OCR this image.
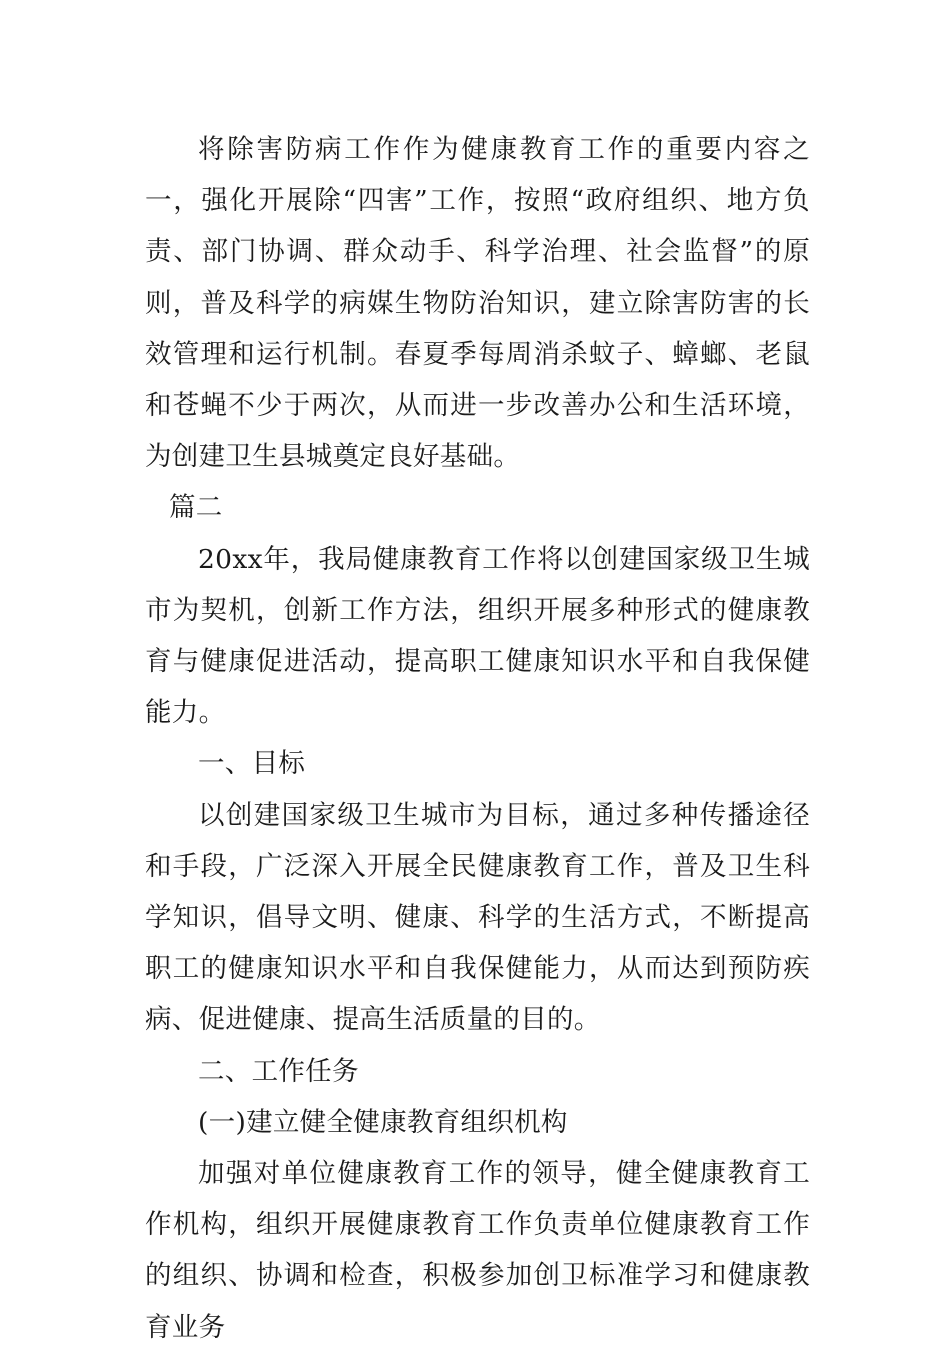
将除害防病工作作为健康教育工作的重要内容之一，强化开展除“四害”工作，按照“政府组织、地方负责、部门协调、群众动手、科学治理、社会监督”的原则，普及科学的病媒生物防治知识，建立除害防害的长效管理和运行机制。春夏季每周消杀蚊子、蟑螂、老鼠和苍蝇不少于两次，从而进一步改善办公和生活环境，为创建卫生县城奠定良好基础。

篇二

20xx年，我局健康教育工作将以创建国家级卫生城市为契机，创新工作方法，组织开展多种形式的健康教育与健康促进活动，提高职工健康知识水平和自我保健能力。

一、目标

以创建国家级卫生城市为目标，通过多种传播途径和手段，广泛深入开展全民健康教育工作，普及卫生科学知识，倡导文明、健康、科学的生活方式，不断提高职工的健康知识水平和自我保健能力，从而达到预防疾病、促进健康、提高生活质量的目的。

二、工作任务

(一)建立健全健康教育组织机构

加强对单位健康教育工作的领导，健全健康教育工作机构，组织开展健康教育工作负责单位健康教育工作的组织、协调和检查，积极参加创卫标准学习和健康教育业务
